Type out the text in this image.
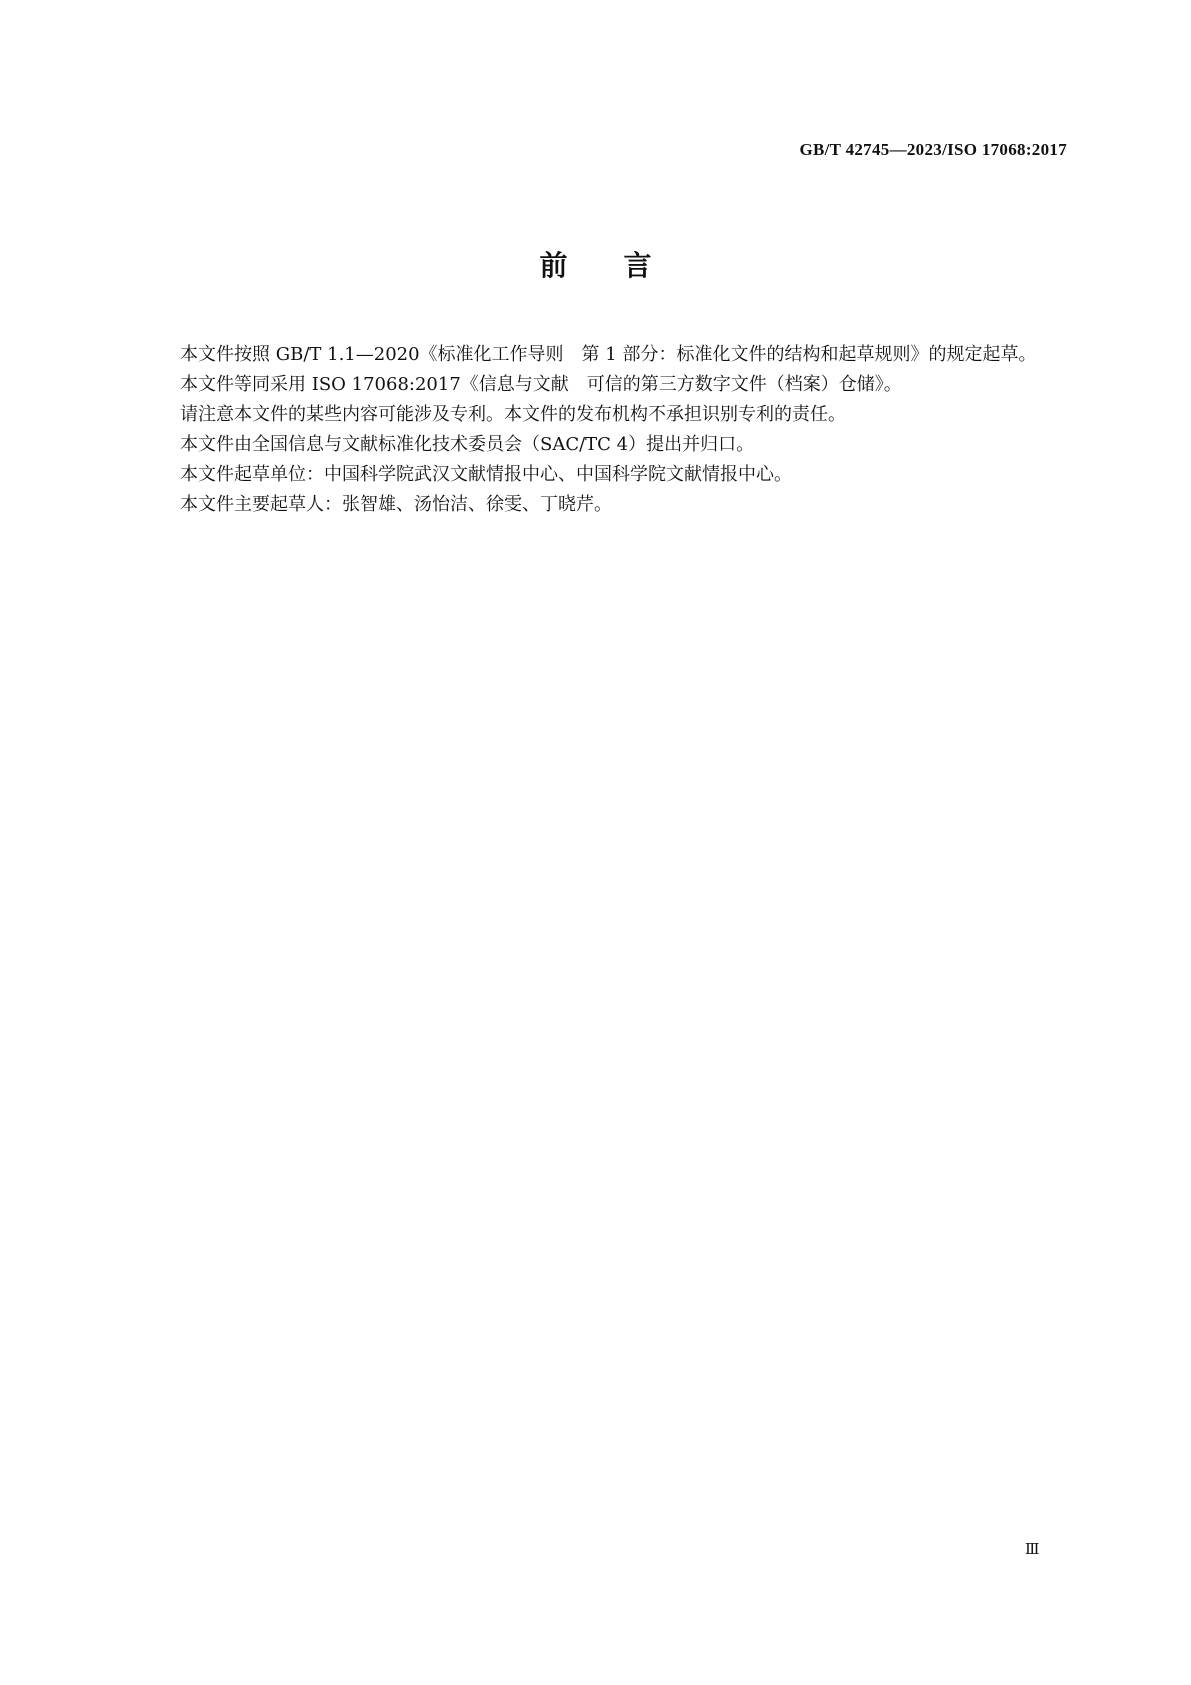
GB/T 42745—2023/ISO 17068:2017
前 言

本文件按照 GB/T 1.1—2020《标准化工作导则　第 1 部分：标准化文件的结构和起草规则》的规定起草。

本文件等同采用 ISO 17068:2017《信息与文献　可信的第三方数字文件（档案）仓储》。

请注意本文件的某些内容可能涉及专利。本文件的发布机构不承担识别专利的责任。

本文件由全国信息与文献标准化技术委员会（SAC/TC 4）提出并归口。

本文件起草单位：中国科学院武汉文献情报中心、中国科学院文献情报中心。

本文件主要起草人：张智雄、汤怡洁、徐雯、丁晓芹。

Ⅲ
